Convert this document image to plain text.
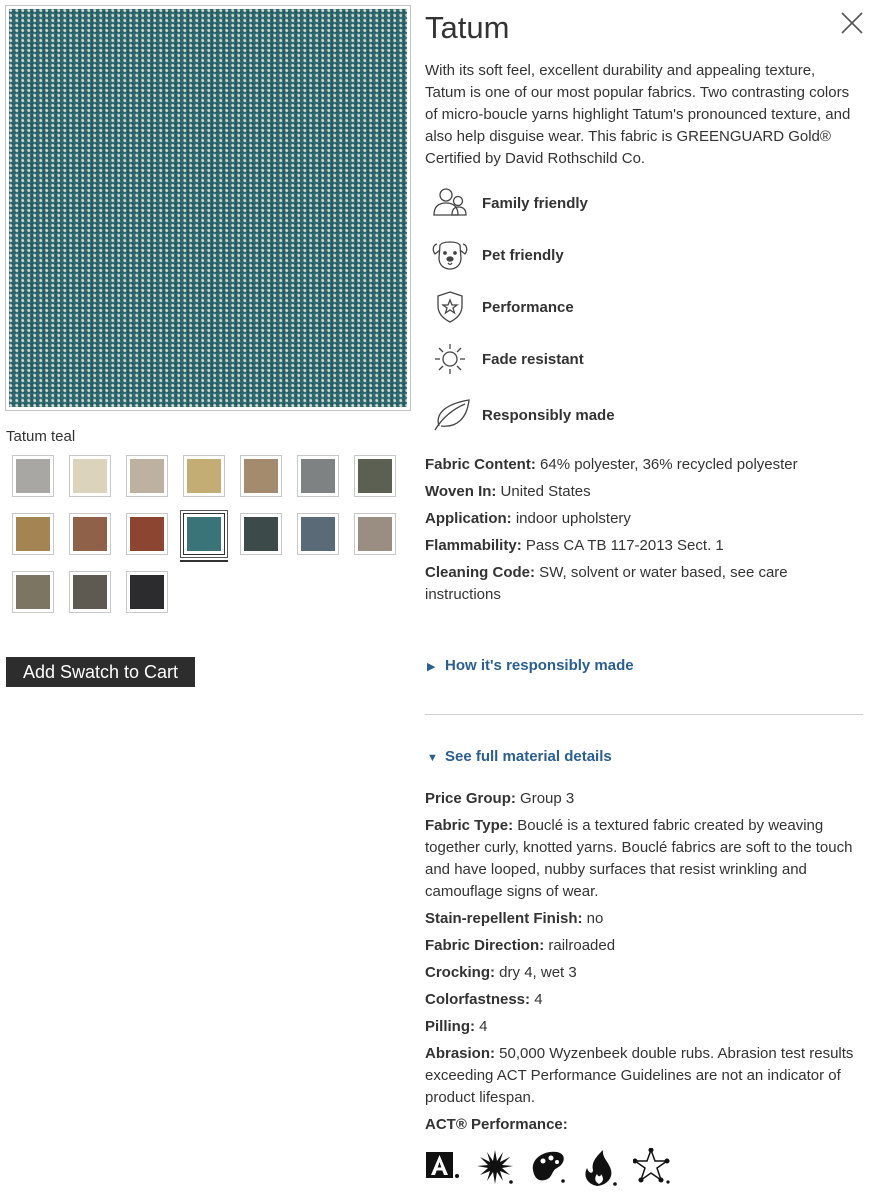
Tatum teal
Add Swatch to Cart
Tatum

With its soft feel, excellent durability and appealing texture, Tatum is one of our most popular fabrics. Two contrasting colors of micro-boucle yarns highlight Tatum's pronounced texture, and also help disguise wear. This fabric is GREENGUARD Gold® Certified by David Rothschild Co.

Family friendly
Pet friendly
Performance
Fade resistant
Responsibly made
Fabric Content: 64% polyester, 36% recycled polyester
Woven In: United States
Application: indoor upholstery
Flammability: Pass CA TB 117-2013 Sect. 1
Cleaning Code: SW, solvent or water based, see care instructions
▶ How it's responsibly made
▼ See full material details
Price Group: Group 3
Fabric Type: Bouclé is a textured fabric created by weaving together curly, knotted yarns. Bouclé fabrics are soft to the touch and have looped, nubby surfaces that resist wrinkling and camouflage signs of wear.
Stain-repellent Finish: no
Fabric Direction: railroaded
Crocking: dry 4, wet 3
Colorfastness: 4
Pilling: 4
Abrasion: 50,000 Wyzenbeek double rubs. Abrasion test results exceeding ACT Performance Guidelines are not an indicator of product lifespan.
ACT® Performance:
